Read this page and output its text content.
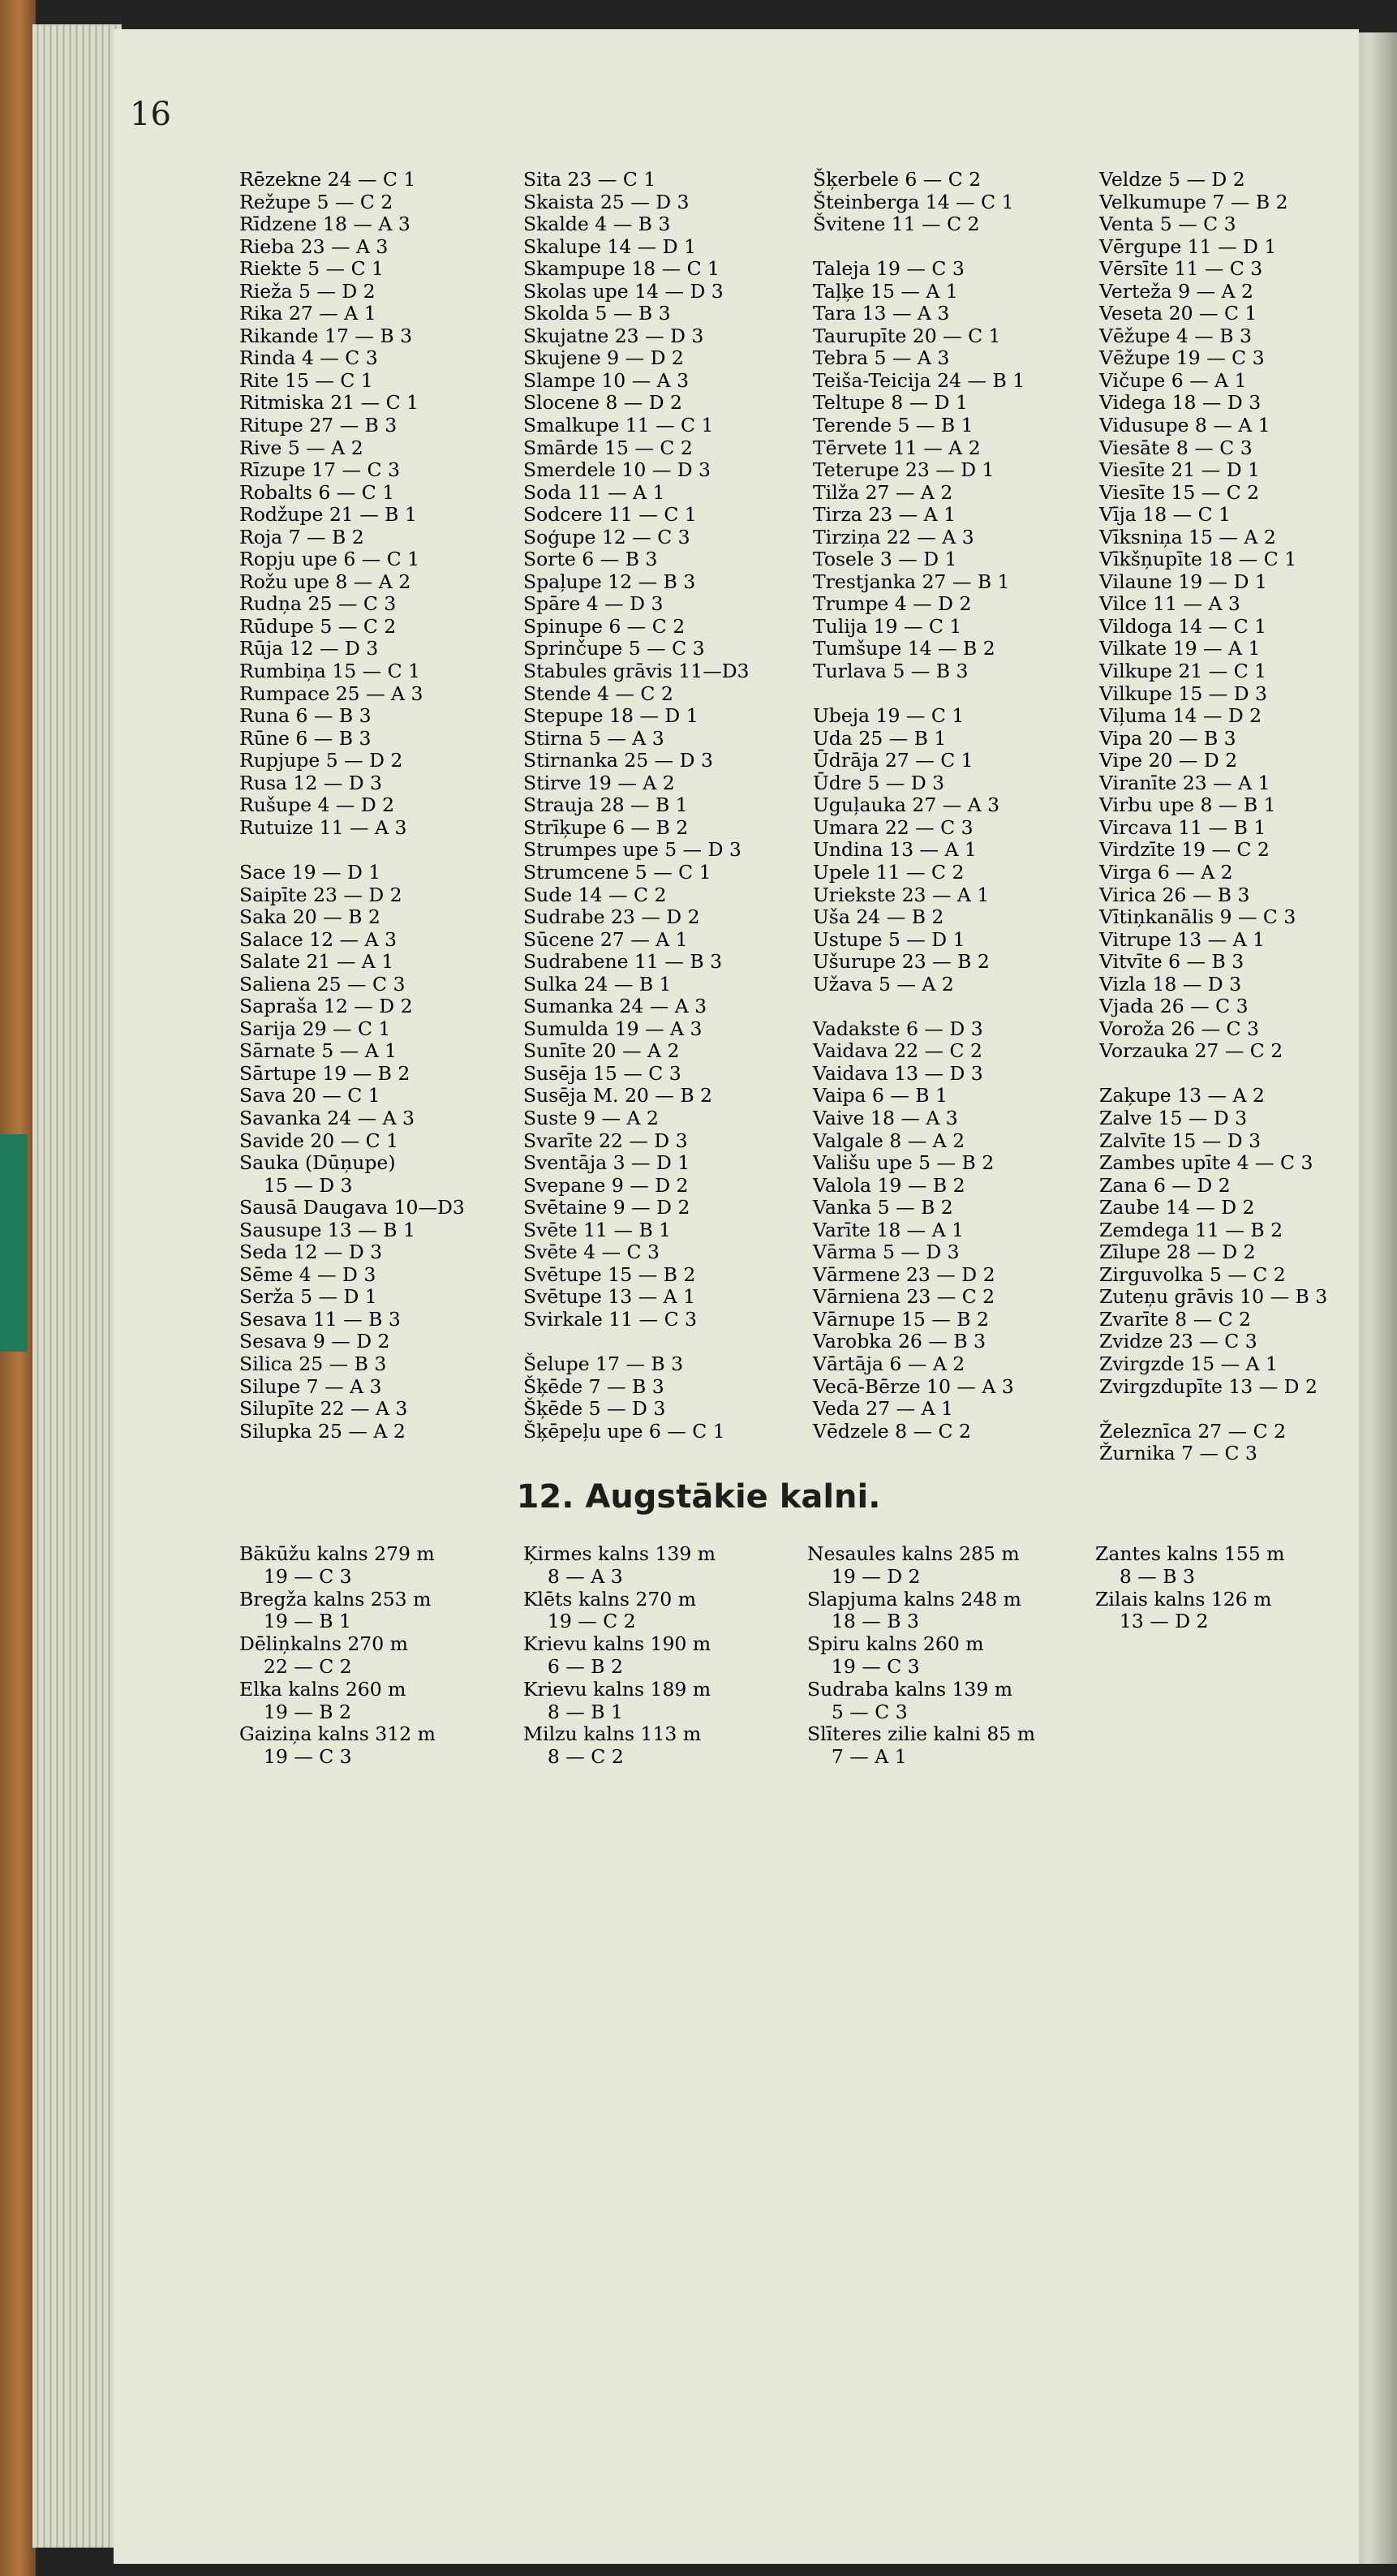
16
Rēzekne 24 — C 1
Režupe 5 — C 2
Rīdzene 18 — A 3
Rieba 23 — A 3
Riekte 5 — C 1
Rieža 5 — D 2
Rika 27 — A 1
Rikande 17 — B 3
Rinda 4 — C 3
Rite 15 — C 1
Ritmiska 21 — C 1
Ritupe 27 — B 3
Rive 5 — A 2
Rīzupe 17 — C 3
Robalts 6 — C 1
Rodžupe 21 — B 1
Roja 7 — B 2
Ropju upe 6 — C 1
Rožu upe 8 — A 2
Rudņa 25 — C 3
Rūdupe 5 — C 2
Rūja 12 — D 3
Rumbiņa 15 — C 1
Rumpace 25 — A 3
Runa 6 — B 3
Rūne 6 — B 3
Rupjupe 5 — D 2
Rusa 12 — D 3
Rušupe 4 — D 2
Rutuize 11 — A 3
Sace 19 — D 1
Saipīte 23 — D 2
Saka 20 — B 2
Salace 12 — A 3
Salate 21 — A 1
Saliena 25 — C 3
Sapraša 12 — D 2
Sarija 29 — C 1
Sārnate 5 — A 1
Sārtupe 19 — B 2
Sava 20 — C 1
Savanka 24 — A 3
Savide 20 — C 1
Sauka (Dūņupe)
15 — D 3
Sausā Daugava 10—D3
Sausupe 13 — B 1
Seda 12 — D 3
Sēme 4 — D 3
Serža 5 — D 1
Sesava 11 — B 3
Sesava 9 — D 2
Silica 25 — B 3
Silupe 7 — A 3
Silupīte 22 — A 3
Silupka 25 — A 2
Sita 23 — C 1
Skaista 25 — D 3
Skalde 4 — B 3
Skalupe 14 — D 1
Skampupe 18 — C 1
Skolas upe 14 — D 3
Skolda 5 — B 3
Skujatne 23 — D 3
Skujene 9 — D 2
Slampe 10 — A 3
Slocene 8 — D 2
Smalkupe 11 — C 1
Smārde 15 — C 2
Smerdele 10 — D 3
Soda 11 — A 1
Sodcere 11 — C 1
Soģupe 12 — C 3
Sorte 6 — B 3
Spaļupe 12 — B 3
Spāre 4 — D 3
Spinupe 6 — C 2
Sprinčupe 5 — C 3
Stabules grāvis 11—D3
Stende 4 — C 2
Stepupe 18 — D 1
Stirna 5 — A 3
Stirnanka 25 — D 3
Stirve 19 — A 2
Strauja 28 — B 1
Strīķupe 6 — B 2
Strumpes upe 5 — D 3
Strumcene 5 — C 1
Sude 14 — C 2
Sudrabe 23 — D 2
Sūcene 27 — A 1
Sudrabene 11 — B 3
Sulka 24 — B 1
Sumanka 24 — A 3
Sumulda 19 — A 3
Sunīte 20 — A 2
Susēja 15 — C 3
Susēja M. 20 — B 2
Suste 9 — A 2
Svarīte 22 — D 3
Sventāja 3 — D 1
Svepane 9 — D 2
Svētaine 9 — D 2
Svēte 11 — B 1
Svēte 4 — C 3
Svētupe 15 — B 2
Svētupe 13 — A 1
Svirkale 11 — C 3
Šelupe 17 — B 3
Šķēde 7 — B 3
Šķēde 5 — D 3
Šķēpeļu upe 6 — C 1
Šķerbele 6 — C 2
Šteinberga 14 — C 1
Švitene 11 — C 2
Taleja 19 — C 3
Taļķe 15 — A 1
Tara 13 — A 3
Taurupīte 20 — C 1
Tebra 5 — A 3
Teiša-Teicija 24 — B 1
Teltupe 8 — D 1
Terende 5 — B 1
Tērvete 11 — A 2
Teterupe 23 — D 1
Tilža 27 — A 2
Tirza 23 — A 1
Tirziņa 22 — A 3
Tosele 3 — D 1
Trestjanka 27 — B 1
Trumpe 4 — D 2
Tulija 19 — C 1
Tumšupe 14 — B 2
Turlava 5 — B 3
Ubeja 19 — C 1
Uda 25 — B 1
Ūdrāja 27 — C 1
Ūdre 5 — D 3
Uguļauka 27 — A 3
Umara 22 — C 3
Undina 13 — A 1
Upele 11 — C 2
Uriekste 23 — A 1
Uša 24 — B 2
Ustupe 5 — D 1
Ušurupe 23 — B 2
Užava 5 — A 2
Vadakste 6 — D 3
Vaidava 22 — C 2
Vaidava 13 — D 3
Vaipa 6 — B 1
Vaive 18 — A 3
Valgale 8 — A 2
Vališu upe 5 — B 2
Valola 19 — B 2
Vanka 5 — B 2
Varīte 18 — A 1
Vārma 5 — D 3
Vārmene 23 — D 2
Vārniena 23 — C 2
Vārnupe 15 — B 2
Varobka 26 — B 3
Vārtāja 6 — A 2
Vecā-Bērze 10 — A 3
Veda 27 — A 1
Vēdzele 8 — C 2
Veldze 5 — D 2
Velkumupe 7 — B 2
Venta 5 — C 3
Vērgupe 11 — D 1
Vērsīte 11 — C 3
Verteža 9 — A 2
Veseta 20 — C 1
Vēžupe 4 — B 3
Vēžupe 19 — C 3
Vičupe 6 — A 1
Videga 18 — D 3
Vidusupe 8 — A 1
Viesāte 8 — C 3
Viesīte 21 — D 1
Viesīte 15 — C 2
Vīja 18 — C 1
Vīksniņa 15 — A 2
Vīkšņupīte 18 — C 1
Vilaune 19 — D 1
Vilce 11 — A 3
Vildoga 14 — C 1
Vilkate 19 — A 1
Vilkupe 21 — C 1
Vilkupe 15 — D 3
Viļuma 14 — D 2
Vipa 20 — B 3
Vipe 20 — D 2
Viranīte 23 — A 1
Virbu upe 8 — B 1
Vircava 11 — B 1
Virdzīte 19 — C 2
Virga 6 — A 2
Virica 26 — B 3
Vītiņkanālis 9 — C 3
Vitrupe 13 — A 1
Vitvīte 6 — B 3
Vizla 18 — D 3
Vjada 26 — C 3
Voroža 26 — C 3
Vorzauka 27 — C 2
Zaķupe 13 — A 2
Zalve 15 — D 3
Zalvīte 15 — D 3
Zambes upīte 4 — C 3
Zana 6 — D 2
Zaube 14 — D 2
Zemdega 11 — B 2
Zīlupe 28 — D 2
Zirguvolka 5 — C 2
Zuteņu grāvis 10 — B 3
Zvarīte 8 — C 2
Zvidze 23 — C 3
Zvirgzde 15 — A 1
Zvirgzdupīte 13 — D 2
Železnīca 27 — C 2
Žurnika 7 — C 3
12. Augstākie kalni.
Bākūžu kalns 279 m
19 — C 3
Bregža kalns 253 m
19 — B 1
Dēliņkalns 270 m
22 — C 2
Elka kalns 260 m
19 — B 2
Gaiziņa kalns 312 m
19 — C 3
Ķirmes kalns 139 m
8 — A 3
Klēts kalns 270 m
19 — C 2
Krievu kalns 190 m
6 — B 2
Krievu kalns 189 m
8 — B 1
Milzu kalns 113 m
8 — C 2
Nesaules kalns 285 m
19 — D 2
Slapjuma kalns 248 m
18 — B 3
Spiru kalns 260 m
19 — C 3
Sudraba kalns 139 m
5 — C 3
Slīteres zilie kalni 85 m
7 — A 1
Zantes kalns 155 m
8 — B 3
Zilais kalns 126 m
13 — D 2
